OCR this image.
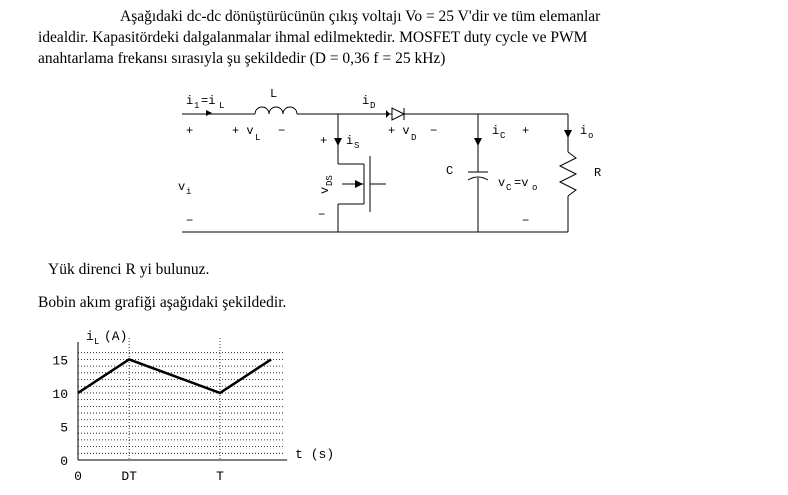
Aşağıdaki dc-dc dönüştürücünün çıkış voltajı Vo = 25 V'dir ve tüm elemanlar
idealdir. Kapasitördeki dalgalanmalar ihmal edilmektedir. MOSFET duty cycle ve PWM
anahtarlama frekansı sırasıyla şu şekildedir (D = 0,36 f = 25 kHz)
i 1 =i L
L	i D
+	+ v L −
+ i S
+ v D −	i C +	i o
v i	v
DS
C
v C =v o
R
−	−	−
Yük direnci R yi bulunuz.
Bobin akım grafiği aşağıdaki şekildedir.
0
5
10
15
0	DT	T
i L (A)
t (s)
